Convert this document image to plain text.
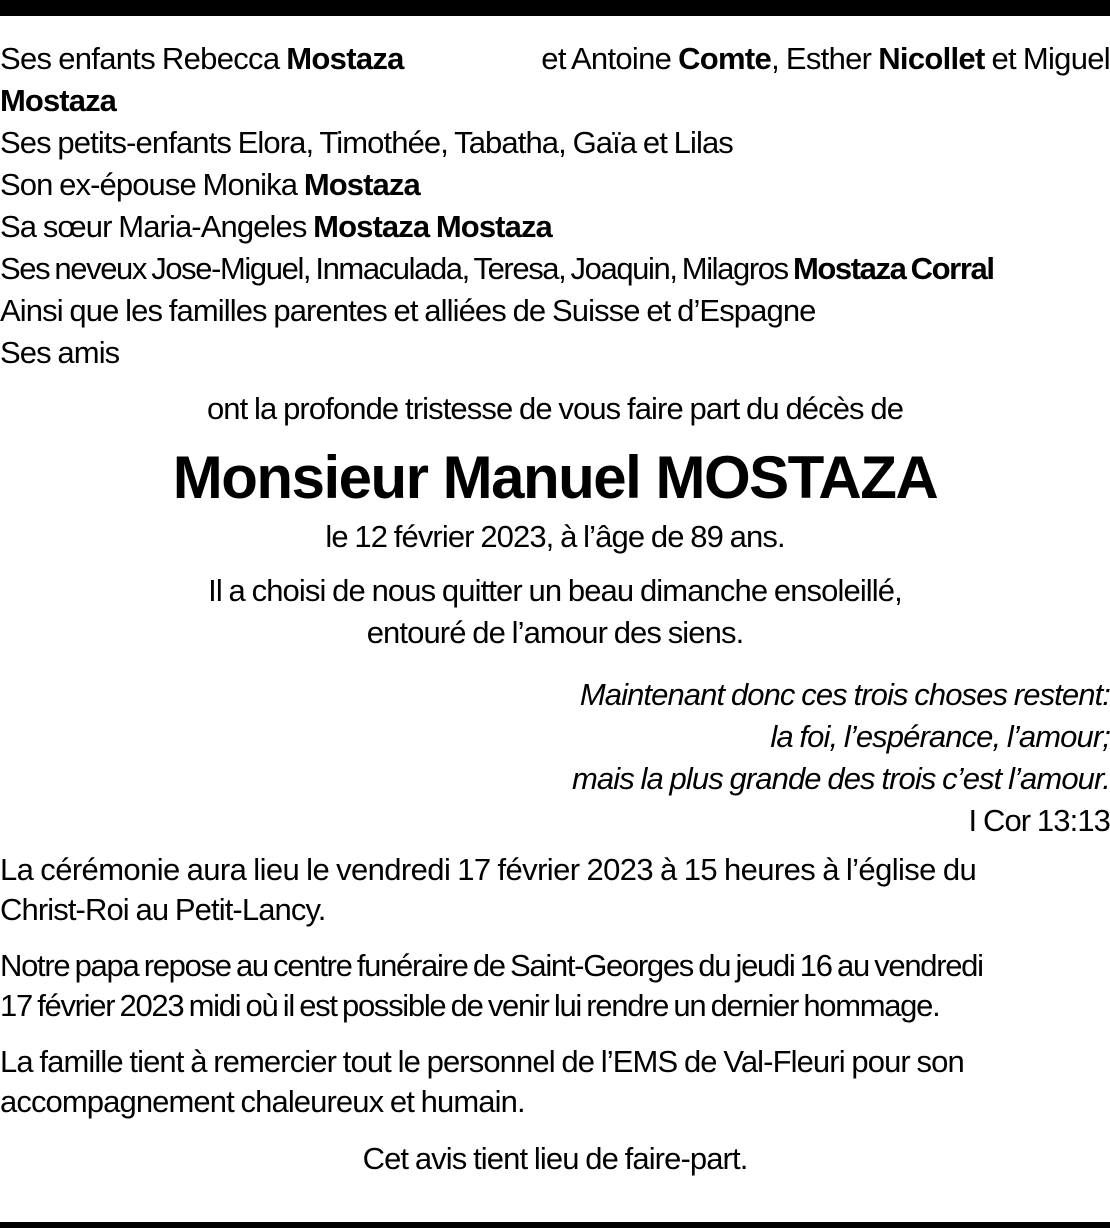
Ses enfants Rebecca Mostaza	et Antoine Comte, Esther Nicollet et Miguel
Mostaza
Ses petits-enfants Elora, Timothée, Tabatha, Gaïa et Lilas
Son ex-épouse Monika Mostaza
Sa sœur Maria-Angeles Mostaza Mostaza
Ses neveux Jose-Miguel, Inmaculada, Teresa, Joaquin, Milagros Mostaza Corral
Ainsi que les familles parentes et alliées de Suisse et d’Espagne
Ses amis
ont la profonde tristesse de vous faire part du décès de
Monsieur Manuel MOSTAZA
le 12 février 2023, à l’âge de 89 ans.
Il a choisi de nous quitter un beau dimanche ensoleillé,
entouré de l’amour des siens.
Maintenant donc ces trois choses restent:
la foi, l’espérance, l’amour;
mais la plus grande des trois c’est l’amour.
I Cor 13:13
La cérémonie aura lieu le vendredi 17 février 2023 à 15 heures à l’église du
Christ-Roi au Petit-Lancy.
Notre papa repose au centre funéraire de Saint-Georges du jeudi 16 au vendredi
17 février 2023 midi où il est possible de venir lui rendre un dernier hommage.
La famille tient à remercier tout le personnel de l’EMS de Val-Fleuri pour son
accompagnement chaleureux et humain.
Cet avis tient lieu de faire-part.
